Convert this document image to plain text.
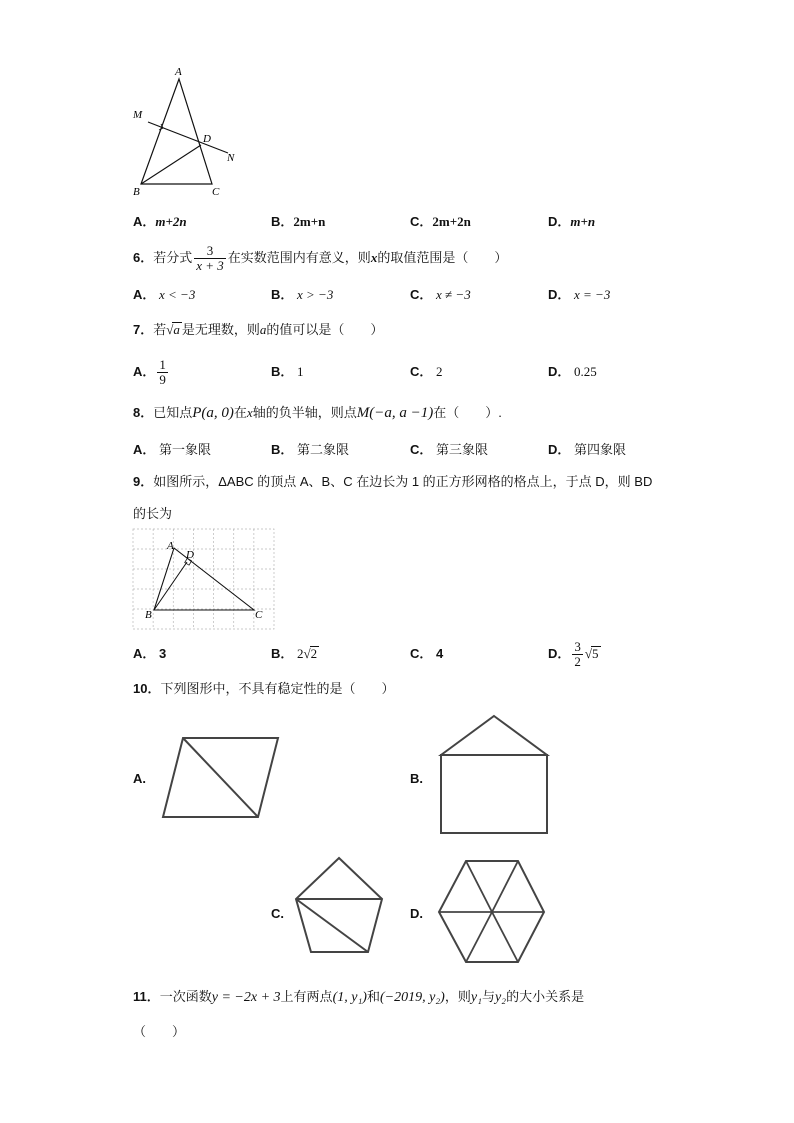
A
M
D
N
B	C
A．m+2n	B．2m+n	C．2m+2n	D．m+n
6．若分式 $\frac{3}{x + 3}$ 在实数范围内有意义，则x的取值范围是（　　）
A． x < −3	B． x > −3	C． x ≠ −3	D． x = −3
7．若√a 是无理数，则a的值可以是（　　）
A． $\frac{1}{9}$	B． 1	C． 2	D． 0.25
8．已知点P(a, 0)在x轴的负半轴，则点M(−a, a −1)在（　　）.
A． 第一象限	B． 第二象限	C． 第三象限	D． 第四象限
9．如图所示，ΔABC 的顶点 A、B、C 在边长为 1 的正方形网格的格点上，于点 D，则 BD
的长为
A
D
B	C
A． 3	B． 2√2	C． 4	D． $\frac{3}{2} √5$
10．下列图形中，不具有稳定性的是（　　）
A.	B.
C.	D.
11．一次函数y = −2x + 3上有两点(1, y₁)和(−2019, y₂)，则y₁与y₂的大小关系是
（　　）
